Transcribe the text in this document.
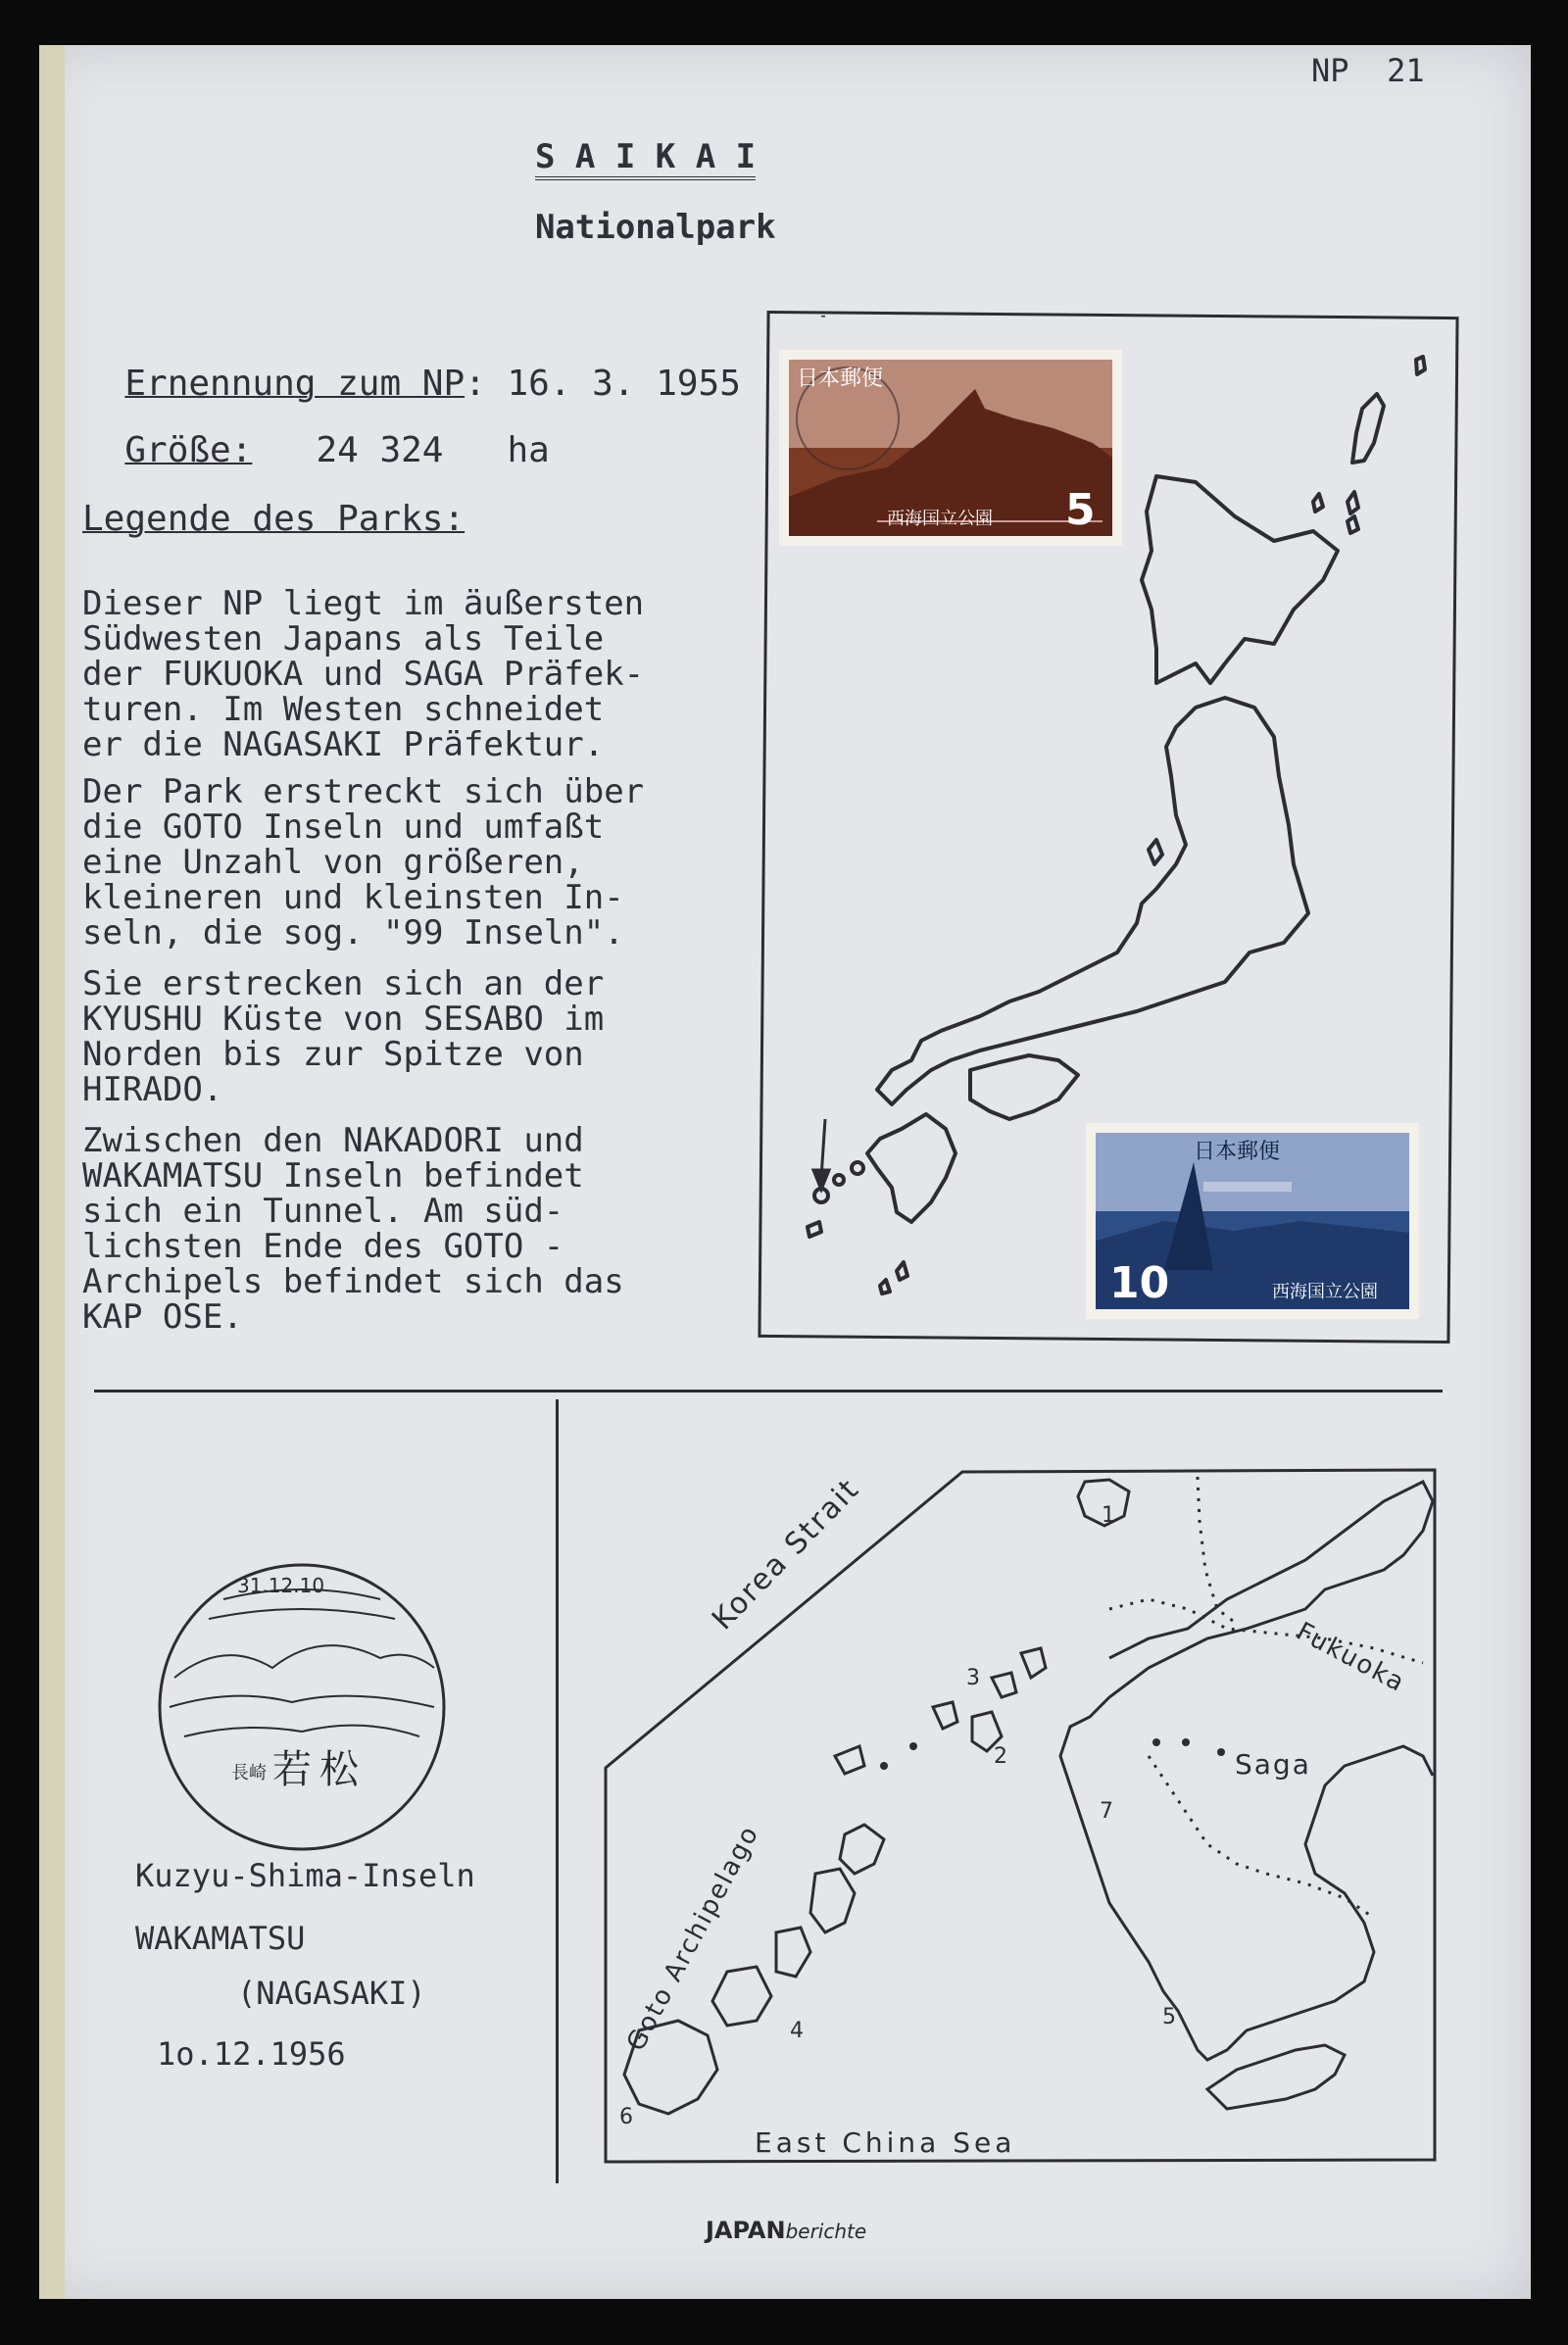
NP  21

S A I K A I

Nationalpark

Ernennung zum NP: 16. 3. 1955

Größe: 24 324   ha

Legende des Parks:
Dieser NP liegt im äußersten
Südwesten Japans als Teile
der FUKUOKA und SAGA Präfek-
turen. Im Westen schneidet
er die NAGASAKI Präfektur.
Der Park erstreckt sich über
die GOTO Inseln und umfaßt
eine Unzahl von größeren,
kleineren und kleinsten In-
seln, die sog. "99 Inseln".
Sie erstrecken sich an der
KYUSHU Küste von SESABO im
Norden bis zur Spitze von
HIRADO.
Zwischen den NAKADORI und
WAKAMATSU Inseln befindet
sich ein Tunnel. Am süd-
lichsten Ende des GOTO -
Archipels befindet sich das
KAP OSE.
日本郵便
西海国立公園 5
日本郵便
西海国立公園
10
31.12.10
長崎 若松
Kuzyu-Shima-Inseln
WAKAMATSU
(NAGASAKI)
1o.12.1956
Korea Strait
Goto Archipelago
East China Sea
Fukuoka
Saga
1
2
5
7
6
4
3
JAPANberichte
